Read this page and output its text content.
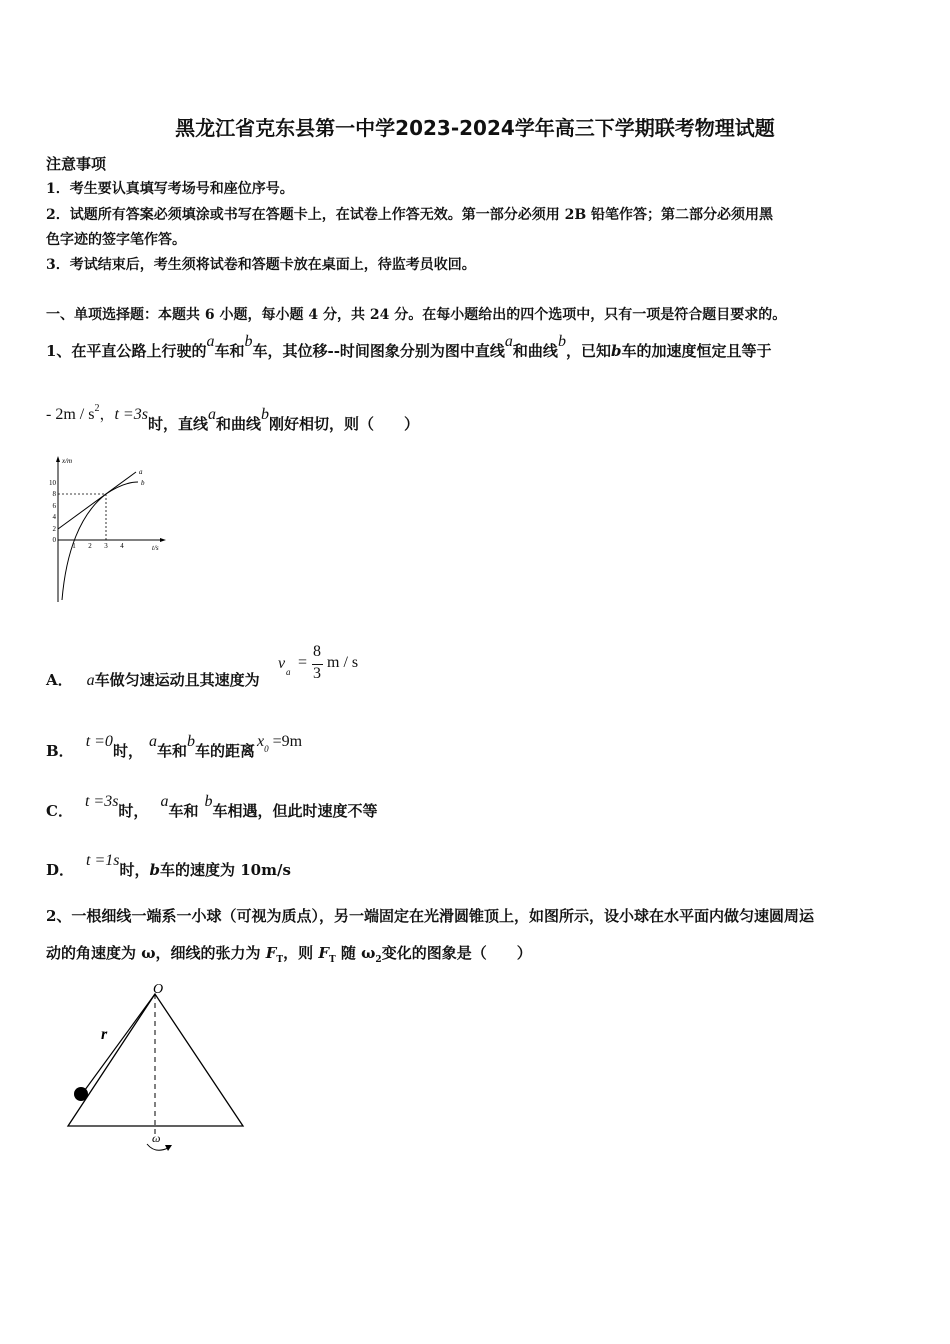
黑龙江省克东县第一中学2023-2024学年高三下学期联考物理试题
注意事项
1．考生要认真填写考场号和座位序号。
2．试题所有答案必须填涂或书写在答题卡上，在试卷上作答无效。第一部分必须用 2B 铅笔作答；第二部分必须用黑
色字迹的签字笔作答。
3．考试结束后，考生须将试卷和答题卡放在桌面上，待监考员收回。
一、单项选择题：本题共 6 小题，每小题 4 分，共 24 分。在每小题给出的四个选项中，只有一项是符合题目要求的。
1、在平直公路上行驶的a车和b车，其位移--时间图象分别为图中直线a和曲线b，已知b车的加速度恒定且等于
- $2m / s^2$，t =3s时，直线a和曲线b刚好相切，则（　　）
x/m
t/s
10
8
6
4
2
0
1 2 3 4
a
b
A． a车做匀速运动且其速度为
v a
=
8
3
m / s
B．t =0时，a车和b车的距离$x^0 =9m$
C．t =3s时，a车和b车相遇，但此时速度不等
D．t =1s时，b车的速度为 10m/s
2、一根细线一端系一小球（可视为质点），另一端固定在光滑圆锥顶上，如图所示，设小球在水平面内做匀速圆周运
动的角速度为 ω，细线的张力为 $F_T$，则 $F_T$ 随 $\omega_2$变化的图象是（　　）
O
r
ω
